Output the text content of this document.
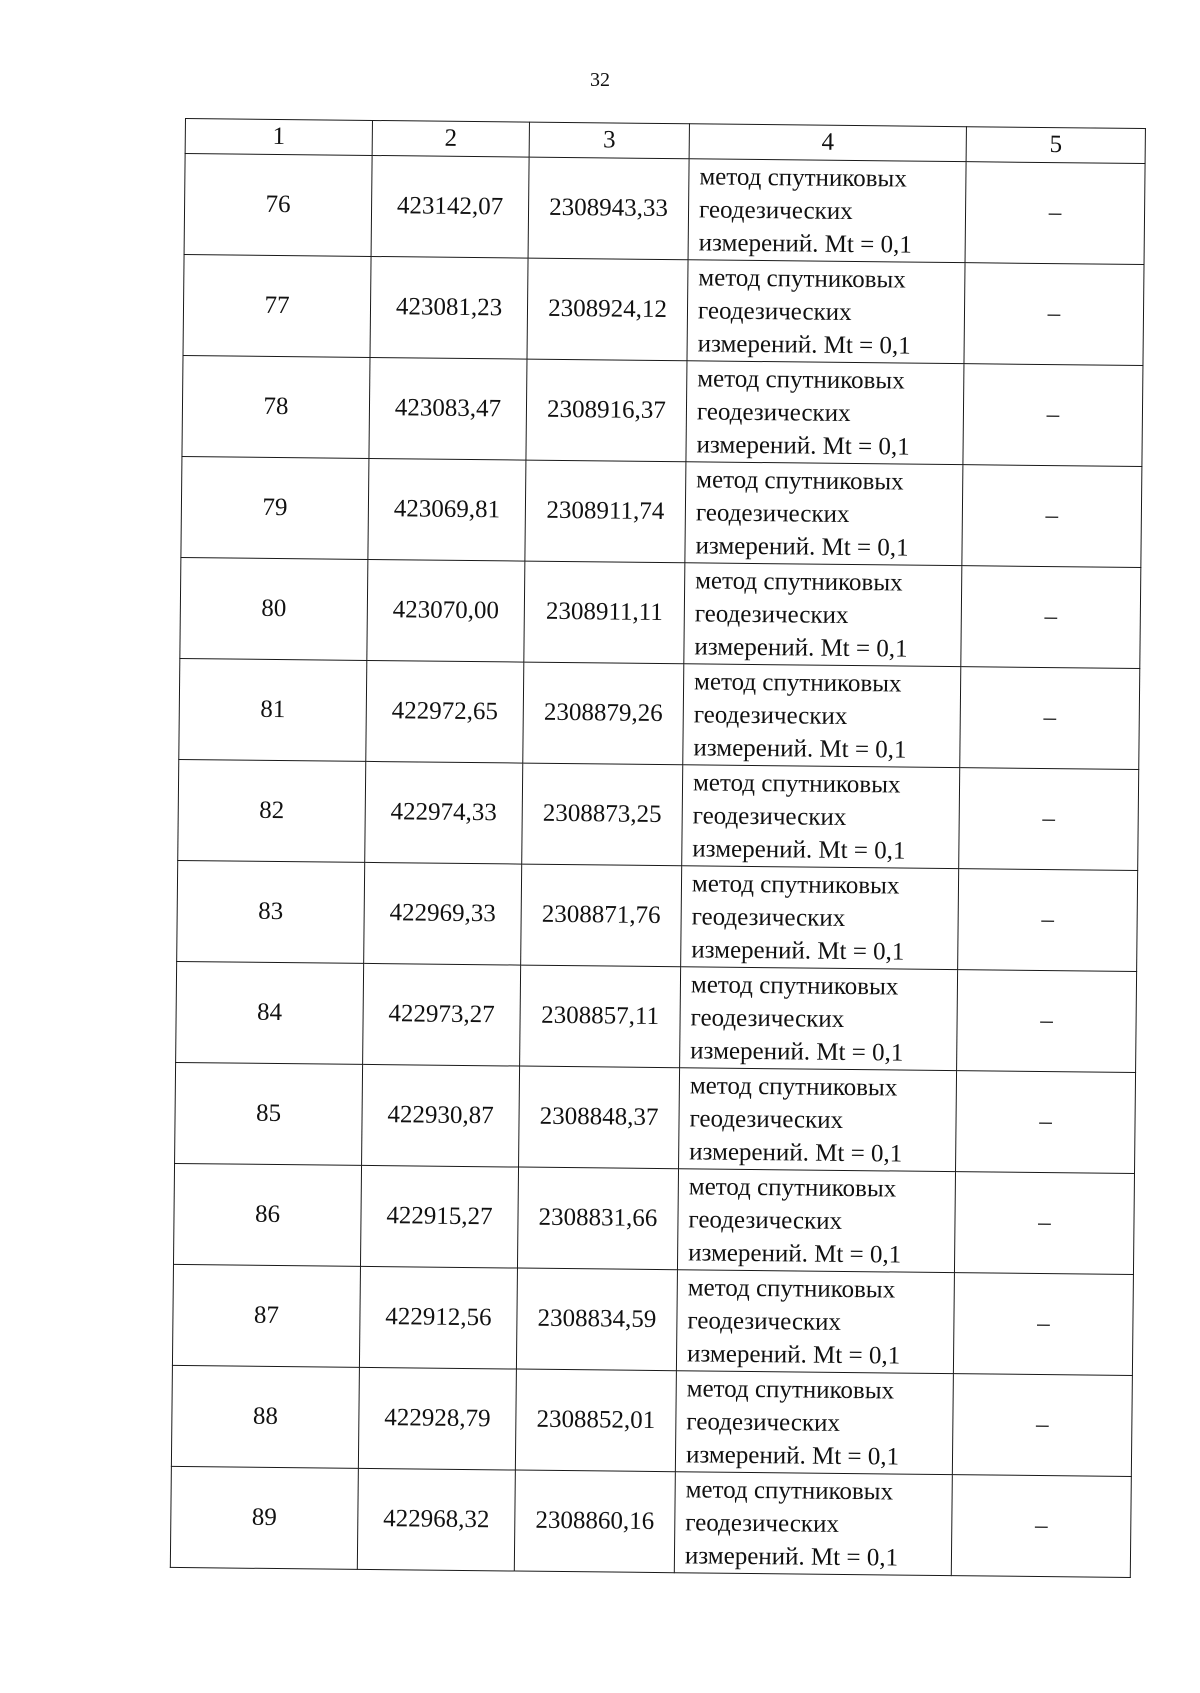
32
1	2	3	4	5
76	423142,07	2308943,33	метод спутниковых
геодезических
измерений. Mt = 0,1	–
77	423081,23	2308924,12	метод спутниковых
геодезических
измерений. Mt = 0,1	–
78	423083,47	2308916,37	метод спутниковых
геодезических
измерений. Mt = 0,1	–
79	423069,81	2308911,74	метод спутниковых
геодезических
измерений. Mt = 0,1	–
80	423070,00	2308911,11	метод спутниковых
геодезических
измерений. Mt = 0,1	–
81	422972,65	2308879,26	метод спутниковых
геодезических
измерений. Mt = 0,1	–
82	422974,33	2308873,25	метод спутниковых
геодезических
измерений. Mt = 0,1	–
83	422969,33	2308871,76	метод спутниковых
геодезических
измерений. Mt = 0,1	–
84	422973,27	2308857,11	метод спутниковых
геодезических
измерений. Mt = 0,1	–
85	422930,87	2308848,37	метод спутниковых
геодезических
измерений. Mt = 0,1	–
86	422915,27	2308831,66	метод спутниковых
геодезических
измерений. Mt = 0,1	–
87	422912,56	2308834,59	метод спутниковых
геодезических
измерений. Mt = 0,1	–
88	422928,79	2308852,01	метод спутниковых
геодезических
измерений. Mt = 0,1	–
89	422968,32	2308860,16	метод спутниковых
геодезических
измерений. Mt = 0,1	–
